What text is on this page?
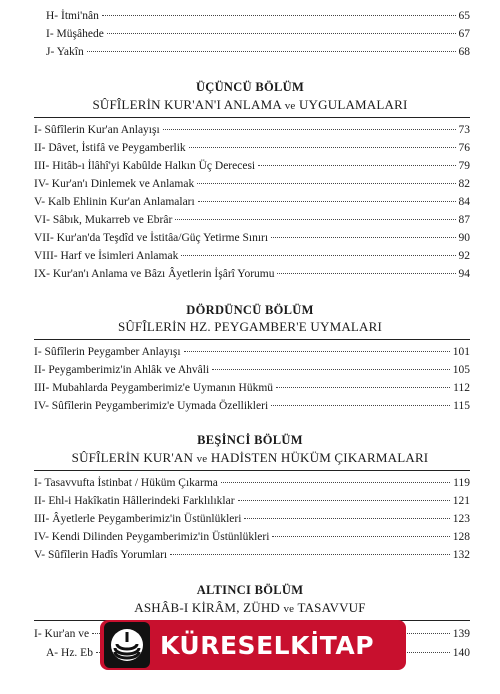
H- İtmi'nân	65
I- Müşâhede	67
J- Yakîn	68
ÜÇÜNCÜ BÖLÜM
SÛFÎLERİN KUR'AN'I ANLAMA ve UYGULAMALARI
I- Sûfîlerin Kur'an Anlayışı	73
II- Dâvet, İstifâ ve Peygamberlik	76
III- Hitâb-ı İlâhî'yi Kabûlde Halkın Üç Derecesi	79
IV- Kur'an'ı Dinlemek ve Anlamak	82
V- Kalb Ehlinin Kur'an Anlamaları	84
VI- Sâbık, Mukarreb ve Ebrâr	87
VII- Kur'an'da Teşdîd ve İstitâa/Güç Yetirme Sınırı	90
VIII- Harf ve İsimleri Anlamak	92
IX- Kur'an'ı Anlama ve Bâzı Âyetlerin İşârî Yorumu	94
DÖRDÜNCÜ BÖLÜM
SÛFÎLERİN HZ. PEYGAMBER'E UYMALARI
I- Sûfîlerin Peygamber Anlayışı	101
II- Peygamberimiz'in Ahlâk ve Ahvâli	105
III- Mubahlarda Peygamberimiz'e Uymanın Hükmü	112
IV- Sûfîlerin Peygamberimiz'e Uymada Özellikleri	115
BEŞİNCİ BÖLÜM
SÛFÎLERİN KUR'AN ve HADİSTEN HÜKÜM ÇIKARMALARI
I- Tasavvufta İstinbat / Hüküm Çıkarma	119
II- Ehl-i Hakîkatin Hâllerindeki Farklılıklar	121
III- Âyetlerle Peygamberimiz'in Üstünlükleri	123
IV- Kendi Dilinden Peygamberimiz'in Üstünlükleri	128
V- Sûfîlerin Hadîs Yorumları	132
ALTINCI BÖLÜM
ASHÂB-I KİRÂM, ZÜHD ve TASAVVUF
I- Kur'an ve	139
A- Hz. Eb	140
KÜRESELKİTAP
